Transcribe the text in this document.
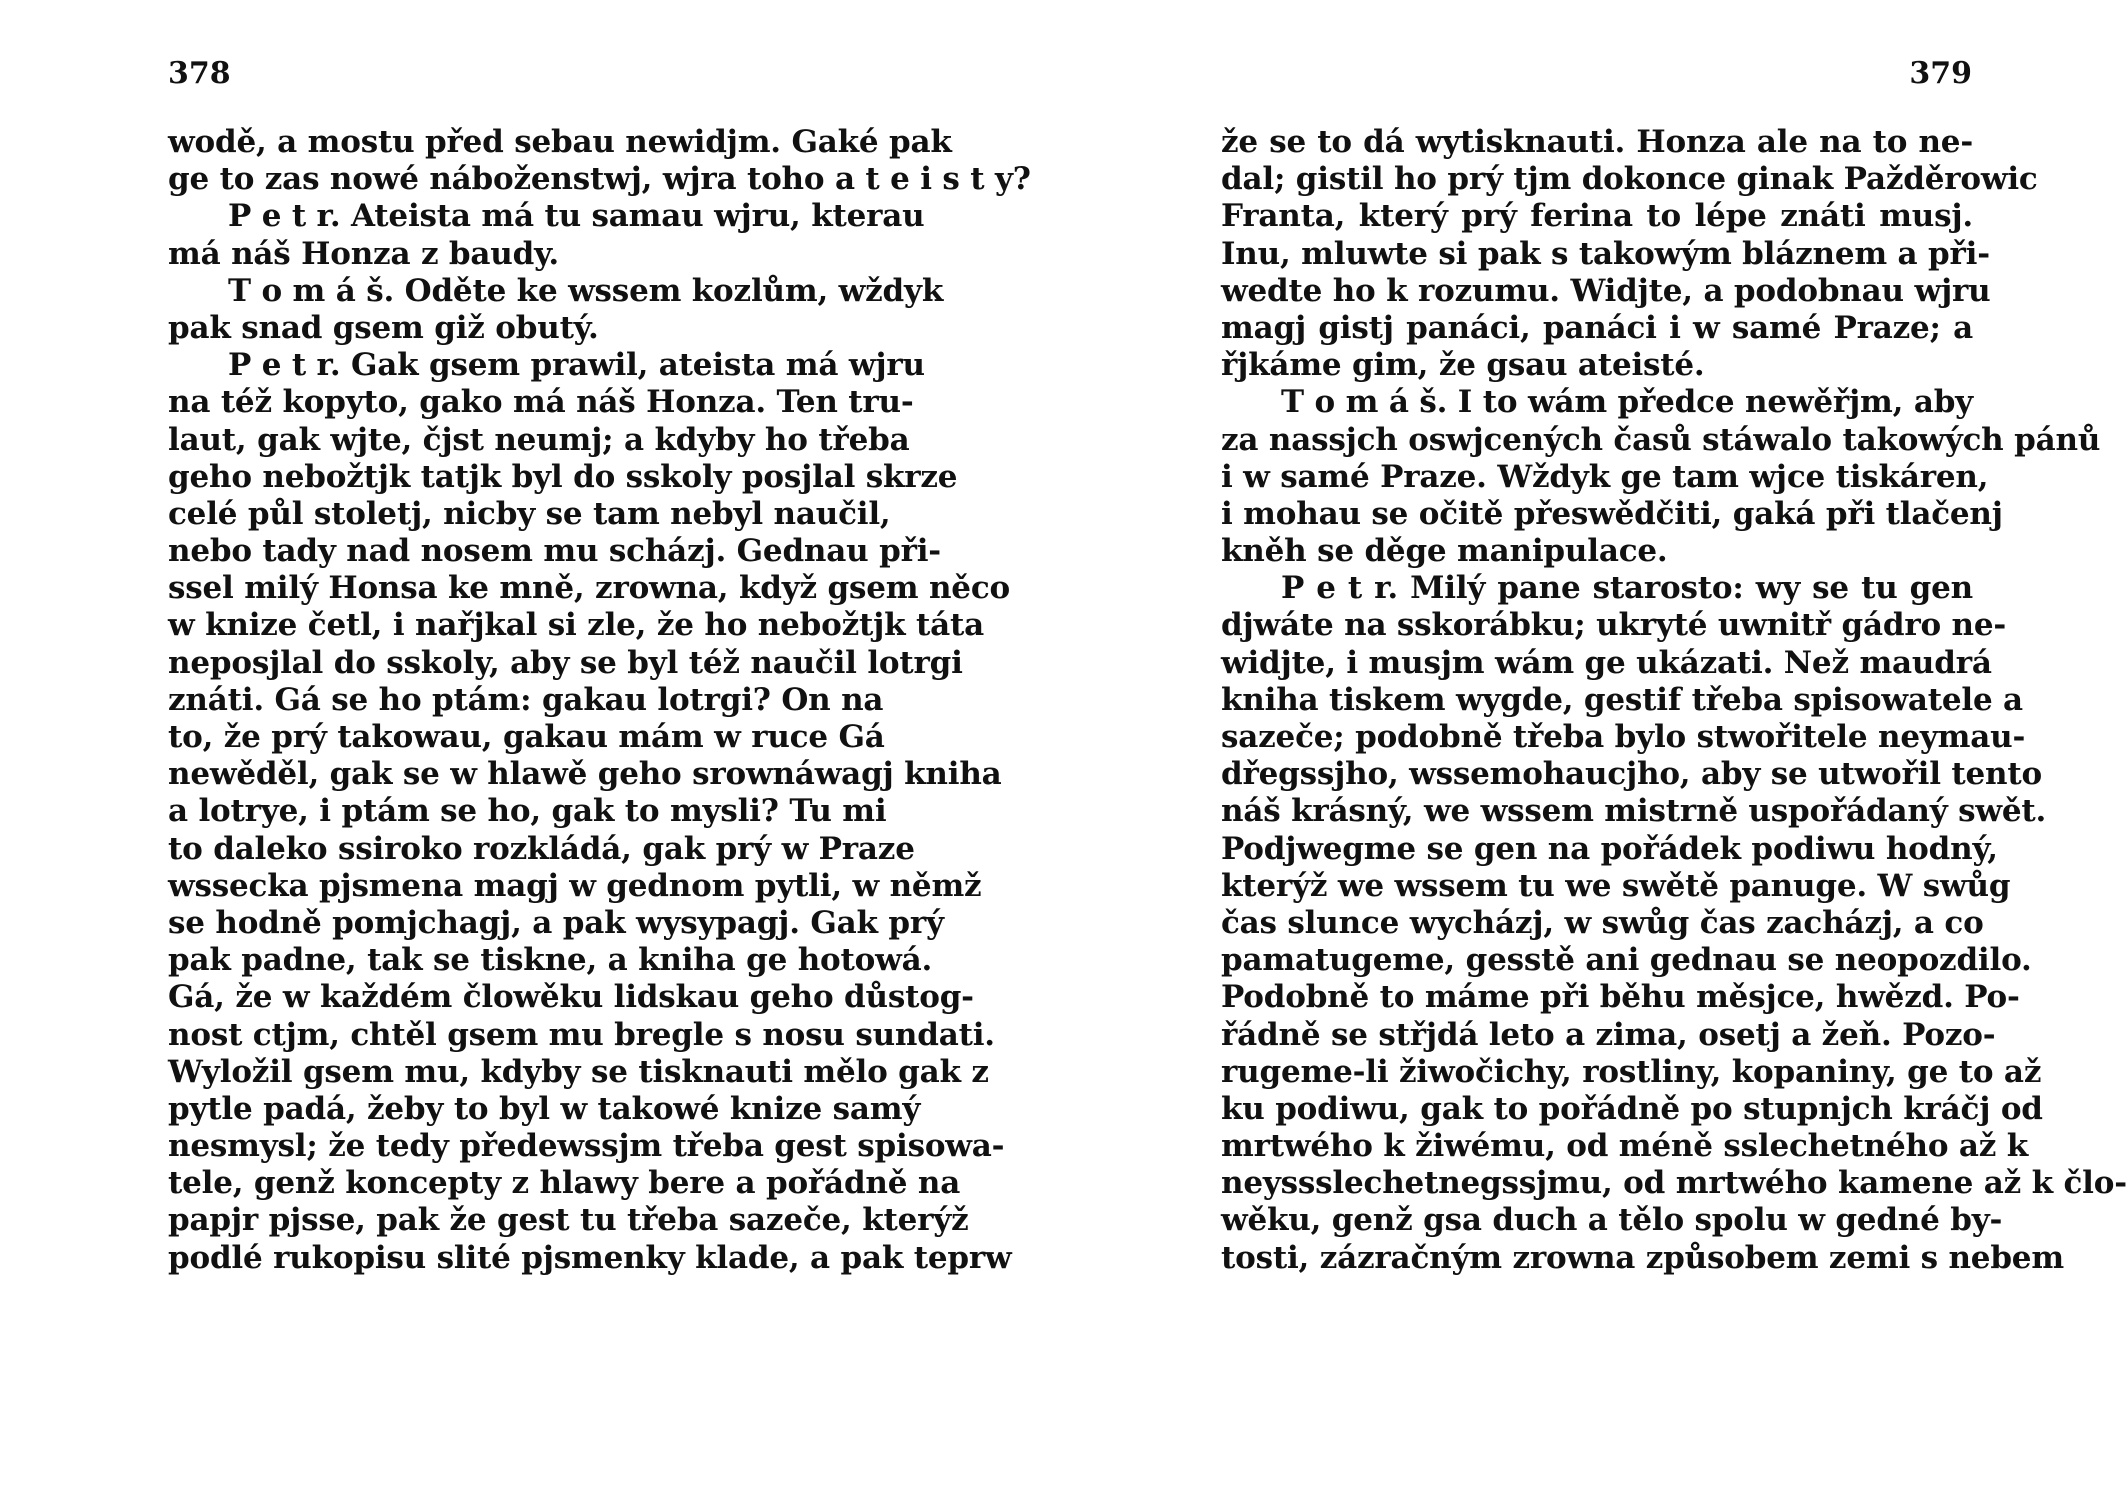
378
wodě, a mostu před sebau newidjm. Gaké pak
ge to zas nowé náboženstwj, wjra toho a t e i s t y?
P e t r. Ateista má tu samau wjru, kterau
má náš Honza z baudy.
T o m á š. Oděte ke wssem kozlům, wždyk
pak snad gsem giž obutý.
P e t r. Gak gsem prawil, ateista má wjru
na též kopyto, gako má náš Honza. Ten tru-
laut, gak wjte, čjst neumj; a kdyby ho třeba
geho nebožtjk tatjk byl do sskoly posjlal skrze
celé půl stoletj, nicby se tam nebyl naučil,
nebo tady nad nosem mu scházj. Gednau při-
ssel milý Honsa ke mně, zrowna, když gsem něco
w knize četl, i nařjkal si zle, že ho nebožtjk táta
neposjlal do sskoly, aby se byl též naučil lotrgi
znáti. Gá se ho ptám: gakau lotrgi? On na
to, že prý takowau, gakau mám w ruce Gá
newěděl, gak se w hlawě geho srownáwagj kniha
a lotrye, i ptám se ho, gak to mysli? Tu mi
to daleko ssiroko rozkládá, gak prý w Praze
wssecka pjsmena magj w gednom pytli, w němž
se hodně pomjchagj, a pak wysypagj. Gak prý
pak padne, tak se tiskne, a kniha ge hotowá.
Gá, že w každém člowěku lidskau geho důstog-
nost ctjm, chtěl gsem mu bregle s nosu sundati.
Wyložil gsem mu, kdyby se tisknauti mělo gak z
pytle padá, žeby to byl w takowé knize samý
nesmysl; že tedy předewssjm třeba gest spisowa-
tele, genž koncepty z hlawy bere a pořádně na
papjr pjsse, pak že gest tu třeba sazeče, kterýž
podlé rukopisu slité pjsmenky klade, a pak teprw
379
že se to dá wytisknauti. Honza ale na to ne-
dal; gistil ho prý tjm dokonce ginak Pažděrowic
Franta, který prý ferina to lépe znáti musj.
Inu, mluwte si pak s takowým bláznem a při-
wedte ho k rozumu. Widjte, a podobnau wjru
magj gistj panáci, panáci i w samé Praze; a
řjkáme gim, že gsau ateisté.
T o m á š. I to wám předce newěřjm, aby
za nassjch oswjcených časů stáwalo takowých pánů
i w samé Praze. Wždyk ge tam wjce tiskáren,
i mohau se očitě přeswědčiti, gaká při tlačenj
kněh se děge manipulace.
P e t r. Milý pane starosto: wy se tu gen
djwáte na sskorábku; ukryté uwnitř gádro ne-
widjte, i musjm wám ge ukázati. Než maudrá
kniha tiskem wygde, gestif třeba spisowatele a
sazeče; podobně třeba bylo stwořitele neymau-
dřegssjho, wssemohaucjho, aby se utwořil tento
náš krásný, we wssem mistrně uspořádaný swět.
Podjwegme se gen na pořádek podiwu hodný,
kterýž we wssem tu we swětě panuge. W swůg
čas slunce wycházj, w swůg čas zacházj, a co
pamatugeme, gesstě ani gednau se neopozdilo.
Podobně to máme při běhu měsjce, hwězd. Po-
řádně se střjdá leto a zima, osetj a žeň. Pozo-
rugeme-li žiwočichy, rostliny, kopaniny, ge to až
ku podiwu, gak to pořádně po stupnjch kráčj od
mrtwého k žiwému, od méně sslechetného až k
neyssslechetnegssjmu, od mrtwého kamene až k člo-
wěku, genž gsa duch a tělo spolu w gedné by-
tosti, zázračným zrowna způsobem zemi s nebem
